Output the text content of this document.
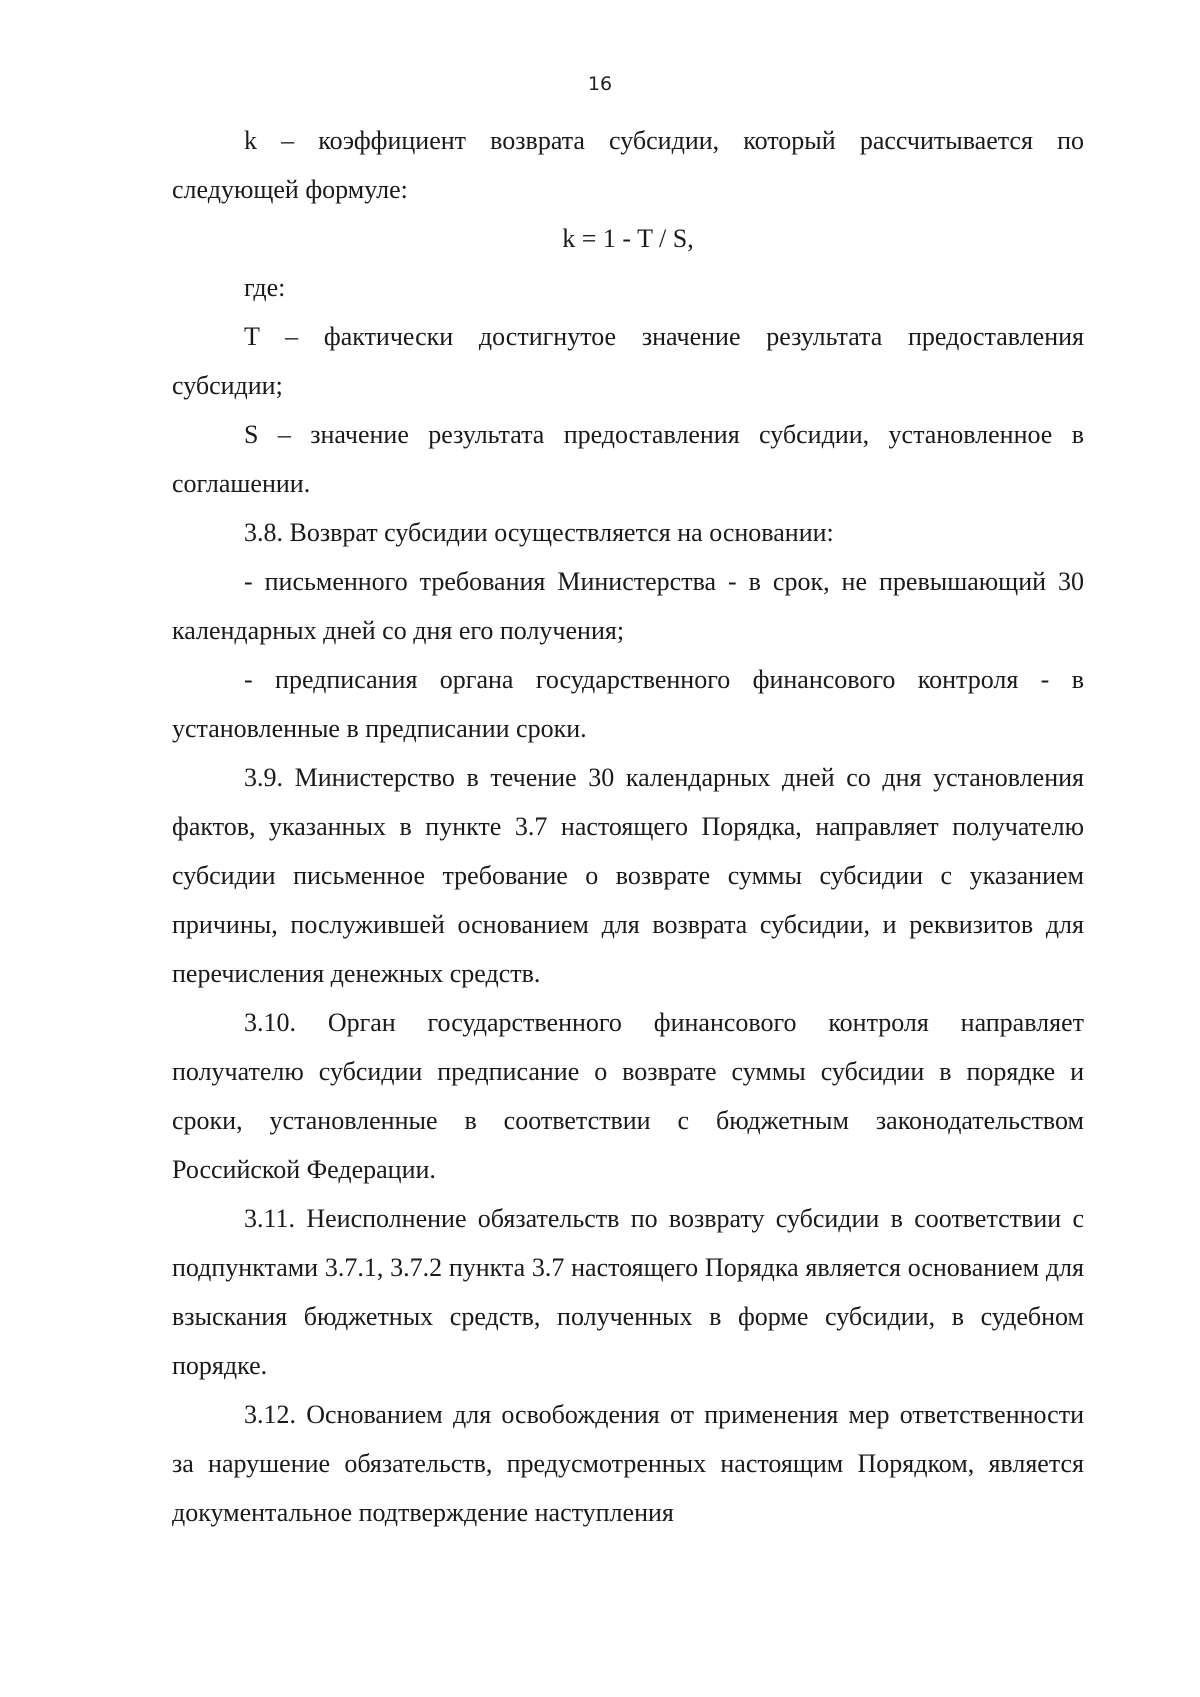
16

k – коэффициент возврата субсидии, который рассчитывается по следующей формуле:

k = 1 - T / S,

где:

T – фактически достигнутое значение результата предоставления субсидии;

S – значение результата предоставления субсидии, установленное в соглашении.

3.8. Возврат субсидии осуществляется на основании:

- письменного требования Министерства - в срок, не превышающий 30 календарных дней со дня его получения;

- предписания органа государственного финансового контроля - в установленные в предписании сроки.

3.9. Министерство в течение 30 календарных дней со дня установления фактов, указанных в пункте 3.7 настоящего Порядка, направляет получателю субсидии письменное требование о возврате суммы субсидии с указанием причины, послужившей основанием для возврата субсидии, и реквизитов для перечисления денежных средств.

3.10. Орган государственного финансового контроля направляет получателю субсидии предписание о возврате суммы субсидии в порядке и сроки, установленные в соответствии с бюджетным законодательством Российской Федерации.

3.11. Неисполнение обязательств по возврату субсидии в соответствии с подпунктами 3.7.1, 3.7.2 пункта 3.7 настоящего Порядка является основанием для взыскания бюджетных средств, полученных в форме субсидии, в судебном порядке.

3.12. Основанием для освобождения от применения мер ответственности за нарушение обязательств, предусмотренных настоящим Порядком, является документальное подтверждение наступления
